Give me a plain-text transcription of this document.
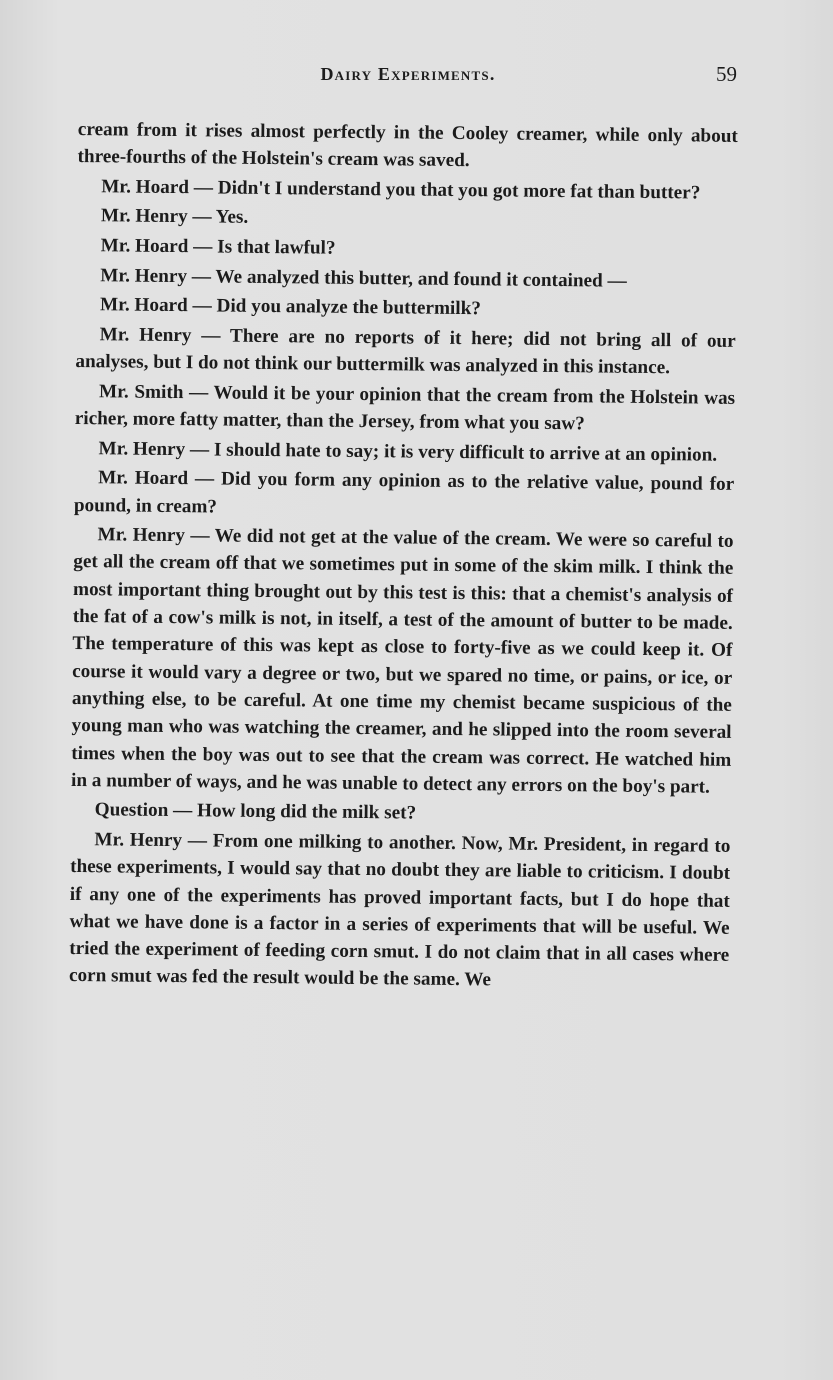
Dairy Experiments.	59

cream from it rises almost perfectly in the Cooley creamer, while only about three-fourths of the Holstein's cream was saved.

Mr. Hoard — Didn't I understand you that you got more fat than butter?

Mr. Henry — Yes.

Mr. Hoard — Is that lawful?

Mr. Henry — We analyzed this butter, and found it contained —

Mr. Hoard — Did you analyze the buttermilk?

Mr. Henry — There are no reports of it here; did not bring all of our analyses, but I do not think our buttermilk was analyzed in this instance.

Mr. Smith — Would it be your opinion that the cream from the Holstein was richer, more fatty matter, than the Jersey, from what you saw?

Mr. Henry — I should hate to say; it is very difficult to arrive at an opinion.

Mr. Hoard — Did you form any opinion as to the relative value, pound for pound, in cream?

Mr. Henry — We did not get at the value of the cream. We were so careful to get all the cream off that we sometimes put in some of the skim milk. I think the most important thing brought out by this test is this: that a chemist's analysis of the fat of a cow's milk is not, in itself, a test of the amount of butter to be made. The temperature of this was kept as close to forty-five as we could keep it. Of course it would vary a degree or two, but we spared no time, or pains, or ice, or anything else, to be careful. At one time my chemist became suspicious of the young man who was watching the creamer, and he slipped into the room several times when the boy was out to see that the cream was correct. He watched him in a number of ways, and he was unable to detect any errors on the boy's part.

Question — How long did the milk set?

Mr. Henry — From one milking to another. Now, Mr. President, in regard to these experiments, I would say that no doubt they are liable to criticism. I doubt if any one of the experiments has proved important facts, but I do hope that what we have done is a factor in a series of experiments that will be useful. We tried the experiment of feeding corn smut. I do not claim that in all cases where corn smut was fed the result would be the same. We
